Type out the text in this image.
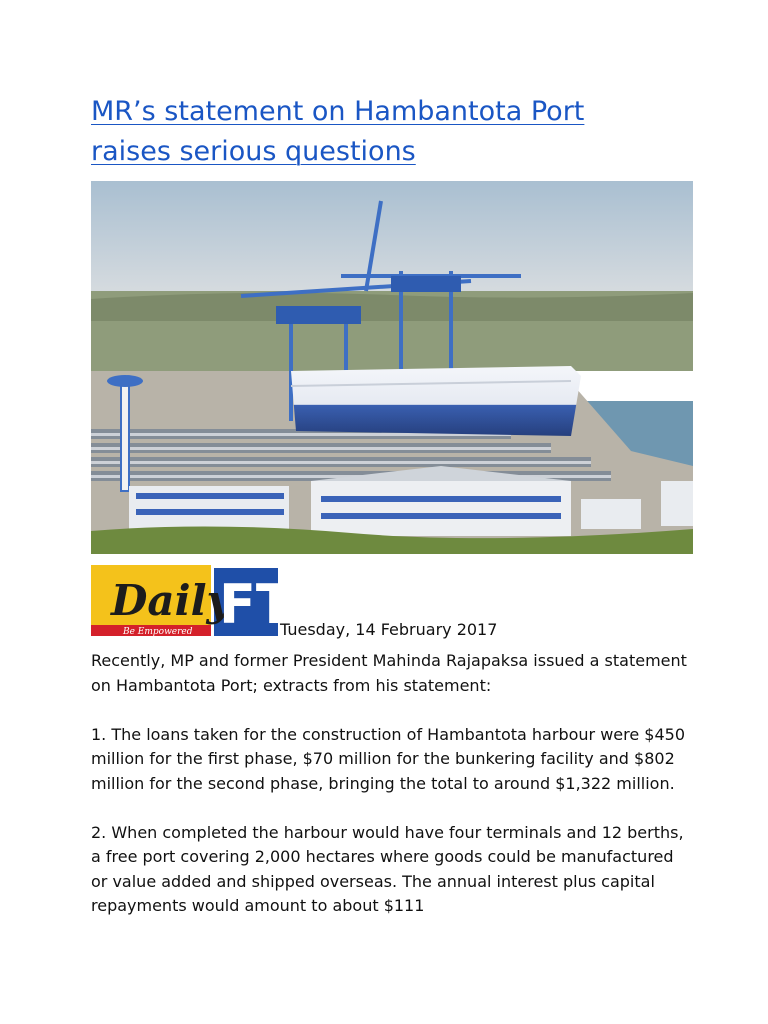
MR’s statement on Hambantota Port
raises serious questions
Daily
FT
Be Empowered	Tuesday, 14 February 2017

Recently, MP and former President Mahinda Rajapaksa issued a statement on Hambantota Port; extracts from his statement:

1. The loans taken for the construction of Hambantota harbour were $450 million for the first phase, $70 million for the bunkering facility and $802 million for the second phase, bringing the total to around $1,322 million.

2. When completed the harbour would have four terminals and 12 berths, a free port covering 2,000 hectares where goods could be manufactured or value added and shipped overseas. The annual interest plus capital repayments would amount to about $111
